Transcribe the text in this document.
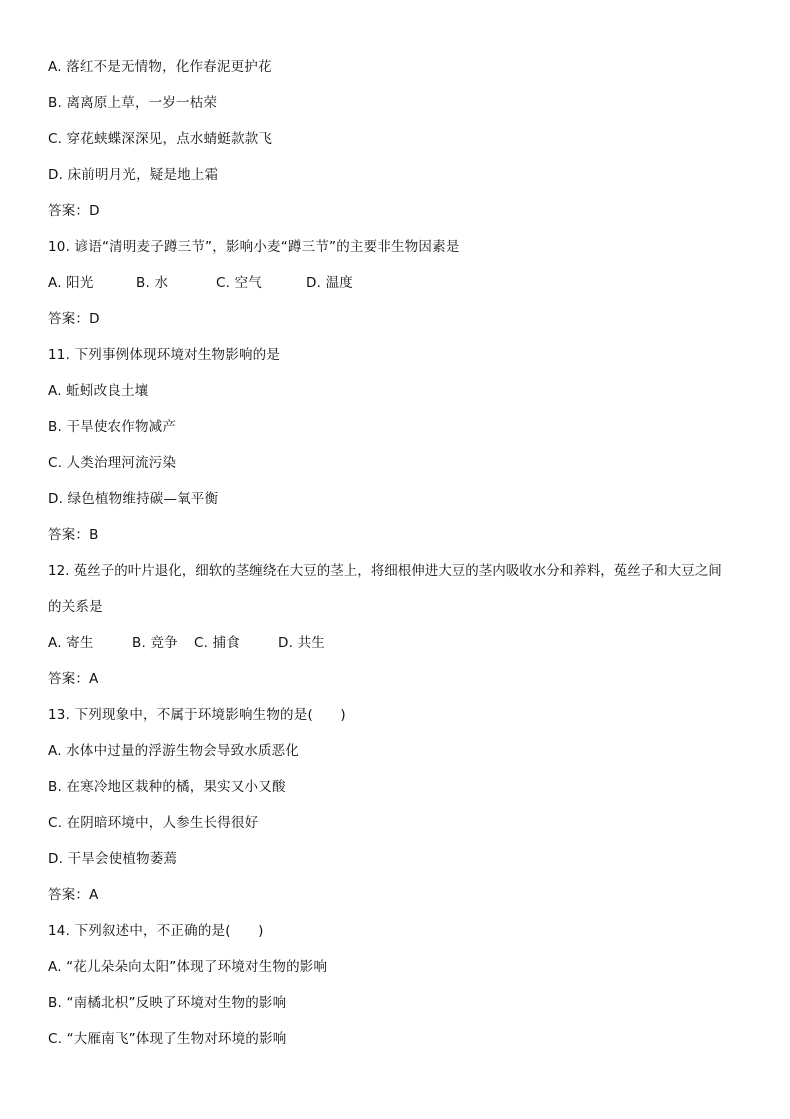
A. 落红不是无情物，化作春泥更护花
B. 离离原上草，一岁一枯荣
C. 穿花蛱蝶深深见，点水蜻蜓款款飞
D. 床前明月光，疑是地上霜
答案：D
10. 谚语“清明麦子蹲三节”，影响小麦“蹲三节”的主要非生物因素是
A. 阳光	B. 水	C. 空气	D. 温度
答案：D
11. 下列事例体现环境对生物影响的是
A. 蚯蚓改良土壤
B. 干旱使农作物减产
C. 人类治理河流污染
D. 绿色植物维持碳—氧平衡
答案：B
12. 菟丝子的叶片退化，细软的茎缠绕在大豆的茎上，将细根伸进大豆的茎内吸收水分和养料，菟丝子和大豆之间
的关系是
A. 寄生	B. 竞争 C. 捕食	D. 共生
答案：A
13. 下列现象中，不属于环境影响生物的是(　　)
A. 水体中过量的浮游生物会导致水质恶化
B. 在寒冷地区栽种的橘，果实又小又酸
C. 在阴暗环境中，人参生长得很好
D. 干旱会使植物萎蔫
答案：A
14. 下列叙述中，不正确的是(　　)
A. “花儿朵朵向太阳”体现了环境对生物的影响
B. “南橘北枳”反映了环境对生物的影响
C. “大雁南飞”体现了生物对环境的影响
